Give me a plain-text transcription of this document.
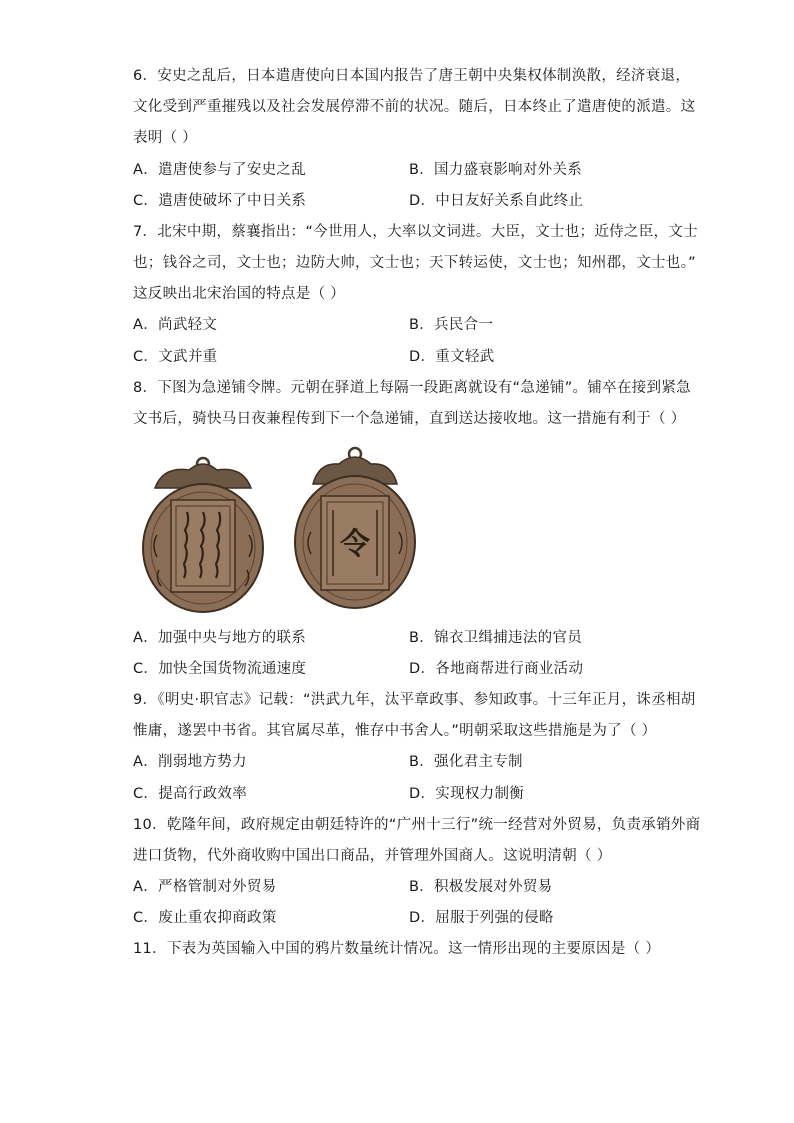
6．安史之乱后，日本遣唐使向日本国内报告了唐王朝中央集权体制涣散，经济衰退，
文化受到严重摧残以及社会发展停滞不前的状况。随后，日本终止了遣唐使的派遣。这
表明（ ）
A．遣唐使参与了安史之乱	B．国力盛衰影响对外关系
C．遣唐使破坏了中日关系	D．中日友好关系自此终止
7．北宋中期，蔡襄指出：“今世用人，大率以文词进。大臣，文士也；近侍之臣，文士
也；钱谷之司，文士也；边防大帅，文士也；天下转运使，文士也；知州郡，文士也。”
这反映出北宋治国的特点是（ ）
A．尚武轻文	B．兵民合一
C．文武并重	D．重文轻武
8．下图为急递铺令牌。元朝在驿道上每隔一段距离就设有“急递铺”。铺卒在接到紧急
文书后，骑快马日夜兼程传到下一个急递铺，直到送达接收地。这一措施有利于（ ）
令
A．加强中央与地方的联系	B．锦衣卫缉捕违法的官员
C．加快全国货物流通速度	D．各地商帮进行商业活动
9．《明史·职官志》记载：“洪武九年，汰平章政事、参知政事。十三年正月，诛丞相胡
惟庸，遂罢中书省。其官属尽革，惟存中书舍人。”明朝采取这些措施是为了（ ）
A．削弱地方势力	B．强化君主专制
C．提高行政效率	D．实现权力制衡
10．乾隆年间，政府规定由朝廷特许的“广州十三行”统一经营对外贸易，负责承销外商
进口货物，代外商收购中国出口商品，并管理外国商人。这说明清朝（ ）
A．严格管制对外贸易	B．积极发展对外贸易
C．废止重农抑商政策	D．屈服于列强的侵略
11．下表为英国输入中国的鸦片数量统计情况。这一情形出现的主要原因是（ ）
